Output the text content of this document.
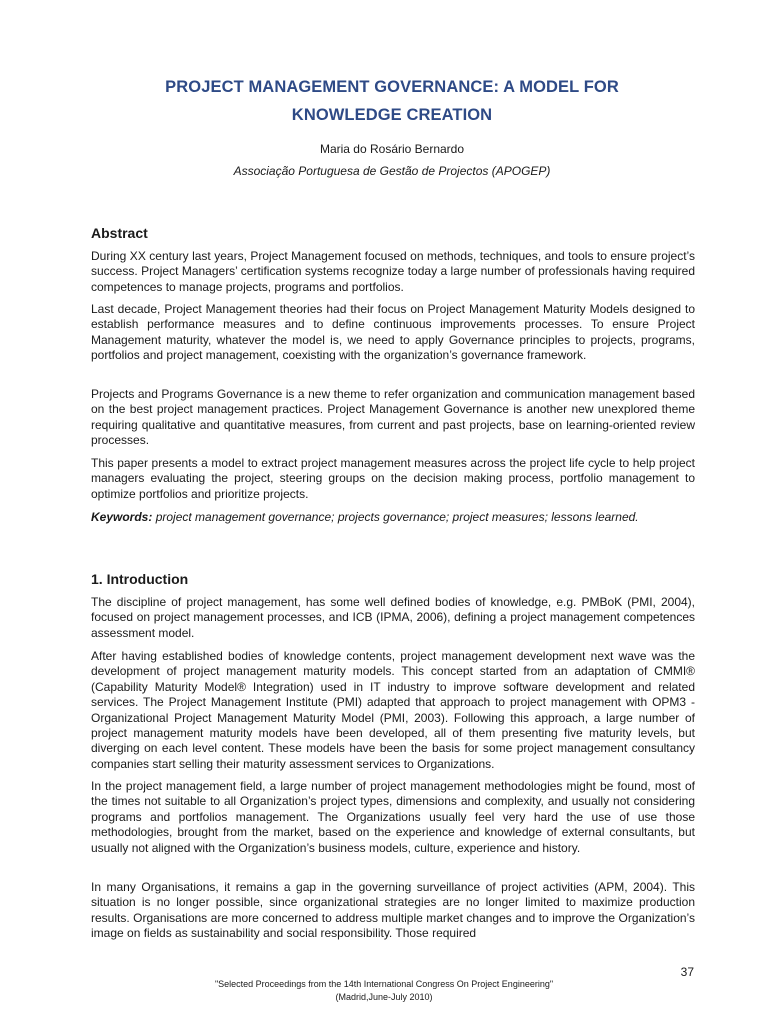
PROJECT MANAGEMENT GOVERNANCE: A MODEL FOR
KNOWLEDGE CREATION
Maria do Rosário Bernardo
Associação Portuguesa de Gestão de Projectos (APOGEP)
Abstract

During XX century last years, Project Management focused on methods, techniques, and tools to ensure project’s success. Project Managers’ certification systems recognize today a large number of professionals having required competences to manage projects, programs and portfolios.

Last decade, Project Management theories had their focus on Project Management Maturity Models designed to establish performance measures and to define continuous improvements processes. To ensure Project Management maturity, whatever the model is, we need to apply Governance principles to projects, programs, portfolios and project management, coexisting with the organization’s governance framework.

Projects and Programs Governance is a new theme to refer organization and communication management based on the best project management practices. Project Management Governance is another new unexplored theme requiring qualitative and quantitative measures, from current and past projects, base on learning-oriented review processes.

This paper presents a model to extract project management measures across the project life cycle to help project managers evaluating the project, steering groups on the decision making process, portfolio management to optimize portfolios and prioritize projects.

Keywords: project management governance; projects governance; project measures; lessons learned.

1. Introduction

The discipline of project management, has some well defined bodies of knowledge, e.g. PMBoK (PMI, 2004), focused on project management processes, and ICB (IPMA, 2006), defining a project management competences assessment model.

After having established bodies of knowledge contents, project management development next wave was the development of project management maturity models. This concept started from an adaptation of CMMI® (Capability Maturity Model® Integration) used in IT industry to improve software development and related services. The Project Management Institute (PMI) adapted that approach to project management with OPM3 - Organizational Project Management Maturity Model (PMI, 2003). Following this approach, a large number of project management maturity models have been developed, all of them presenting five maturity levels, but diverging on each level content. These models have been the basis for some project management consultancy companies start selling their maturity assessment services to Organizations.

In the project management field, a large number of project management methodologies might be found, most of the times not suitable to all Organization’s project types, dimensions and complexity, and usually not considering programs and portfolios management. The Organizations usually feel very hard the use of use those methodologies, brought from the market, based on the experience and knowledge of external consultants, but usually not aligned with the Organization’s business models, culture, experience and history.

In many Organisations, it remains a gap in the governing surveillance of project activities (APM, 2004). This situation is no longer possible, since organizational strategies are no longer limited to maximize production results. Organisations are more concerned to address multiple market changes and to improve the Organization’s image on fields as sustainability and social responsibility. Those required

37
"Selected Proceedings from the 14th International Congress On Project Engineering"
(Madrid,June-July 2010)
